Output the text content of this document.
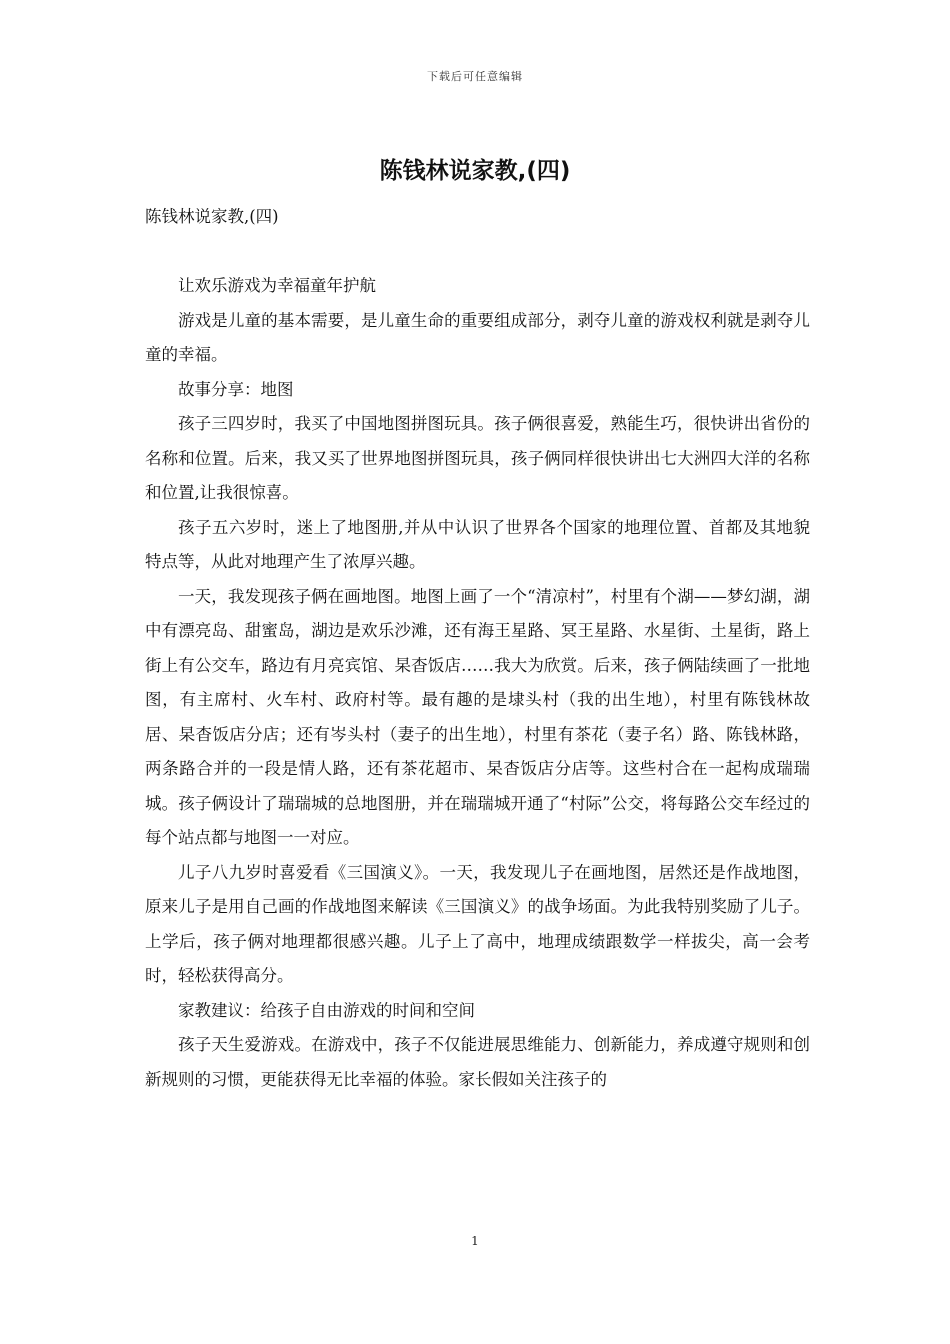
下载后可任意编辑
陈钱林说家教,(四)

陈钱林说家教,(四)

让欢乐游戏为幸福童年护航

游戏是儿童的基本需要，是儿童生命的重要组成部分，剥夺儿童的游戏权利就是剥夺儿童的幸福。

故事分享：地图

孩子三四岁时，我买了中国地图拼图玩具。孩子俩很喜爱，熟能生巧，很快讲出省份的名称和位置。后来，我又买了世界地图拼图玩具，孩子俩同样很快讲出七大洲四大洋的名称和位置,让我很惊喜。

孩子五六岁时，迷上了地图册,并从中认识了世界各个国家的地理位置、首都及其地貌特点等，从此对地理产生了浓厚兴趣。

一天，我发现孩子俩在画地图。地图上画了一个“清凉村”，村里有个湖——梦幻湖，湖中有漂亮岛、甜蜜岛，湖边是欢乐沙滩，还有海王星路、冥王星路、水星街、土星街，路上街上有公交车，路边有月亮宾馆、杲杳饭店……我大为欣赏。后来，孩子俩陆续画了一批地图，有主席村、火车村、政府村等。最有趣的是埭头村（我的出生地），村里有陈钱林故居、杲杳饭店分店；还有岑头村（妻子的出生地），村里有茶花（妻子名）路、陈钱林路，两条路合并的一段是情人路，还有茶花超市、杲杳饭店分店等。这些村合在一起构成瑞瑞城。孩子俩设计了瑞瑞城的总地图册，并在瑞瑞城开通了“村际”公交，将每路公交车经过的每个站点都与地图一一对应。

儿子八九岁时喜爱看《三国演义》。一天，我发现儿子在画地图，居然还是作战地图，原来儿子是用自己画的作战地图来解读《三国演义》的战争场面。为此我特别奖励了儿子。上学后，孩子俩对地理都很感兴趣。儿子上了高中，地理成绩跟数学一样拔尖，高一会考时，轻松获得高分。

家教建议：给孩子自由游戏的时间和空间

孩子天生爱游戏。在游戏中，孩子不仅能进展思维能力、创新能力，养成遵守规则和创新规则的习惯，更能获得无比幸福的体验。家长假如关注孩子的

1
